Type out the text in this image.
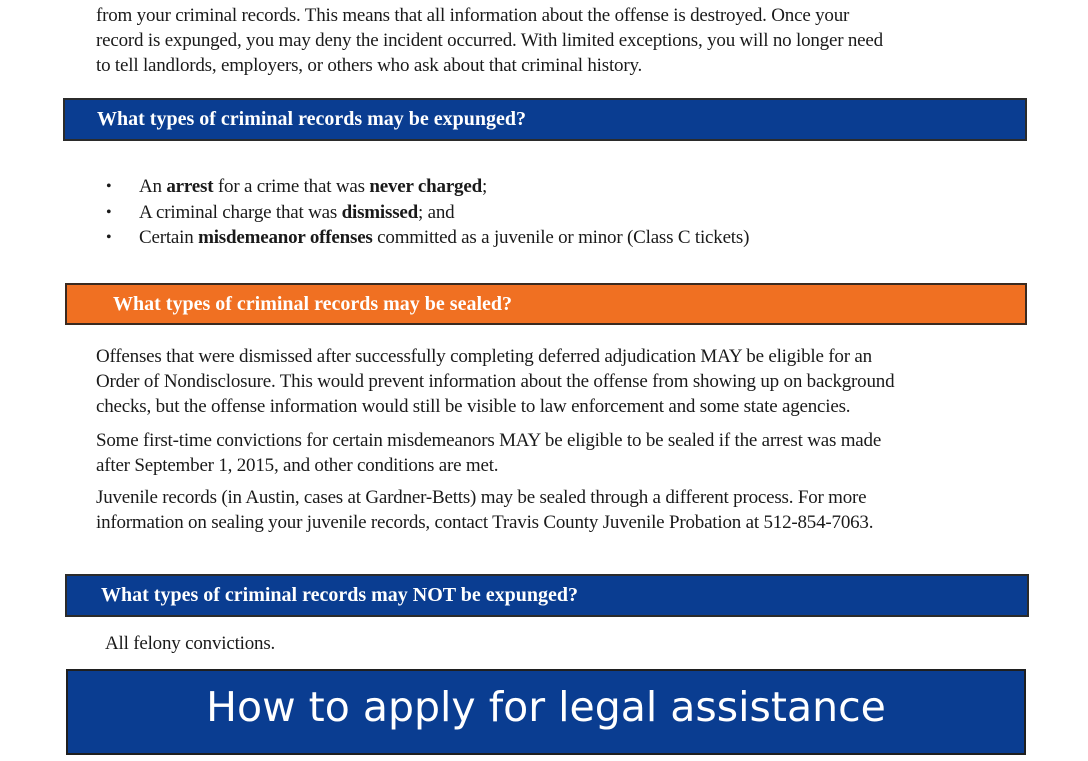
from your criminal records. This means that all information about the offense is destroyed. Once your

record is expunged, you may deny the incident occurred. With limited exceptions, you will no longer need

to tell landlords, employers, or others who ask about that criminal history.

What types of criminal records may be expunged?
• An arrest for a crime that was never charged;
• A criminal charge that was dismissed; and
• Certain misdemeanor offenses committed as a juvenile or minor (Class C tickets)
What types of criminal records may be sealed?

Offenses that were dismissed after successfully completing deferred adjudication MAY be eligible for an

Order of Nondisclosure. This would prevent information about the offense from showing up on background

checks, but the offense information would still be visible to law enforcement and some state agencies.

Some first-time convictions for certain misdemeanors MAY be eligible to be sealed if the arrest was made

after September 1, 2015, and other conditions are met.

Juvenile records (in Austin, cases at Gardner-Betts) may be sealed through a different process. For more

information on sealing your juvenile records, contact Travis County Juvenile Probation at 512-854-7063.

What types of criminal records may NOT be expunged?

All felony convictions.

How to apply for legal assistance
